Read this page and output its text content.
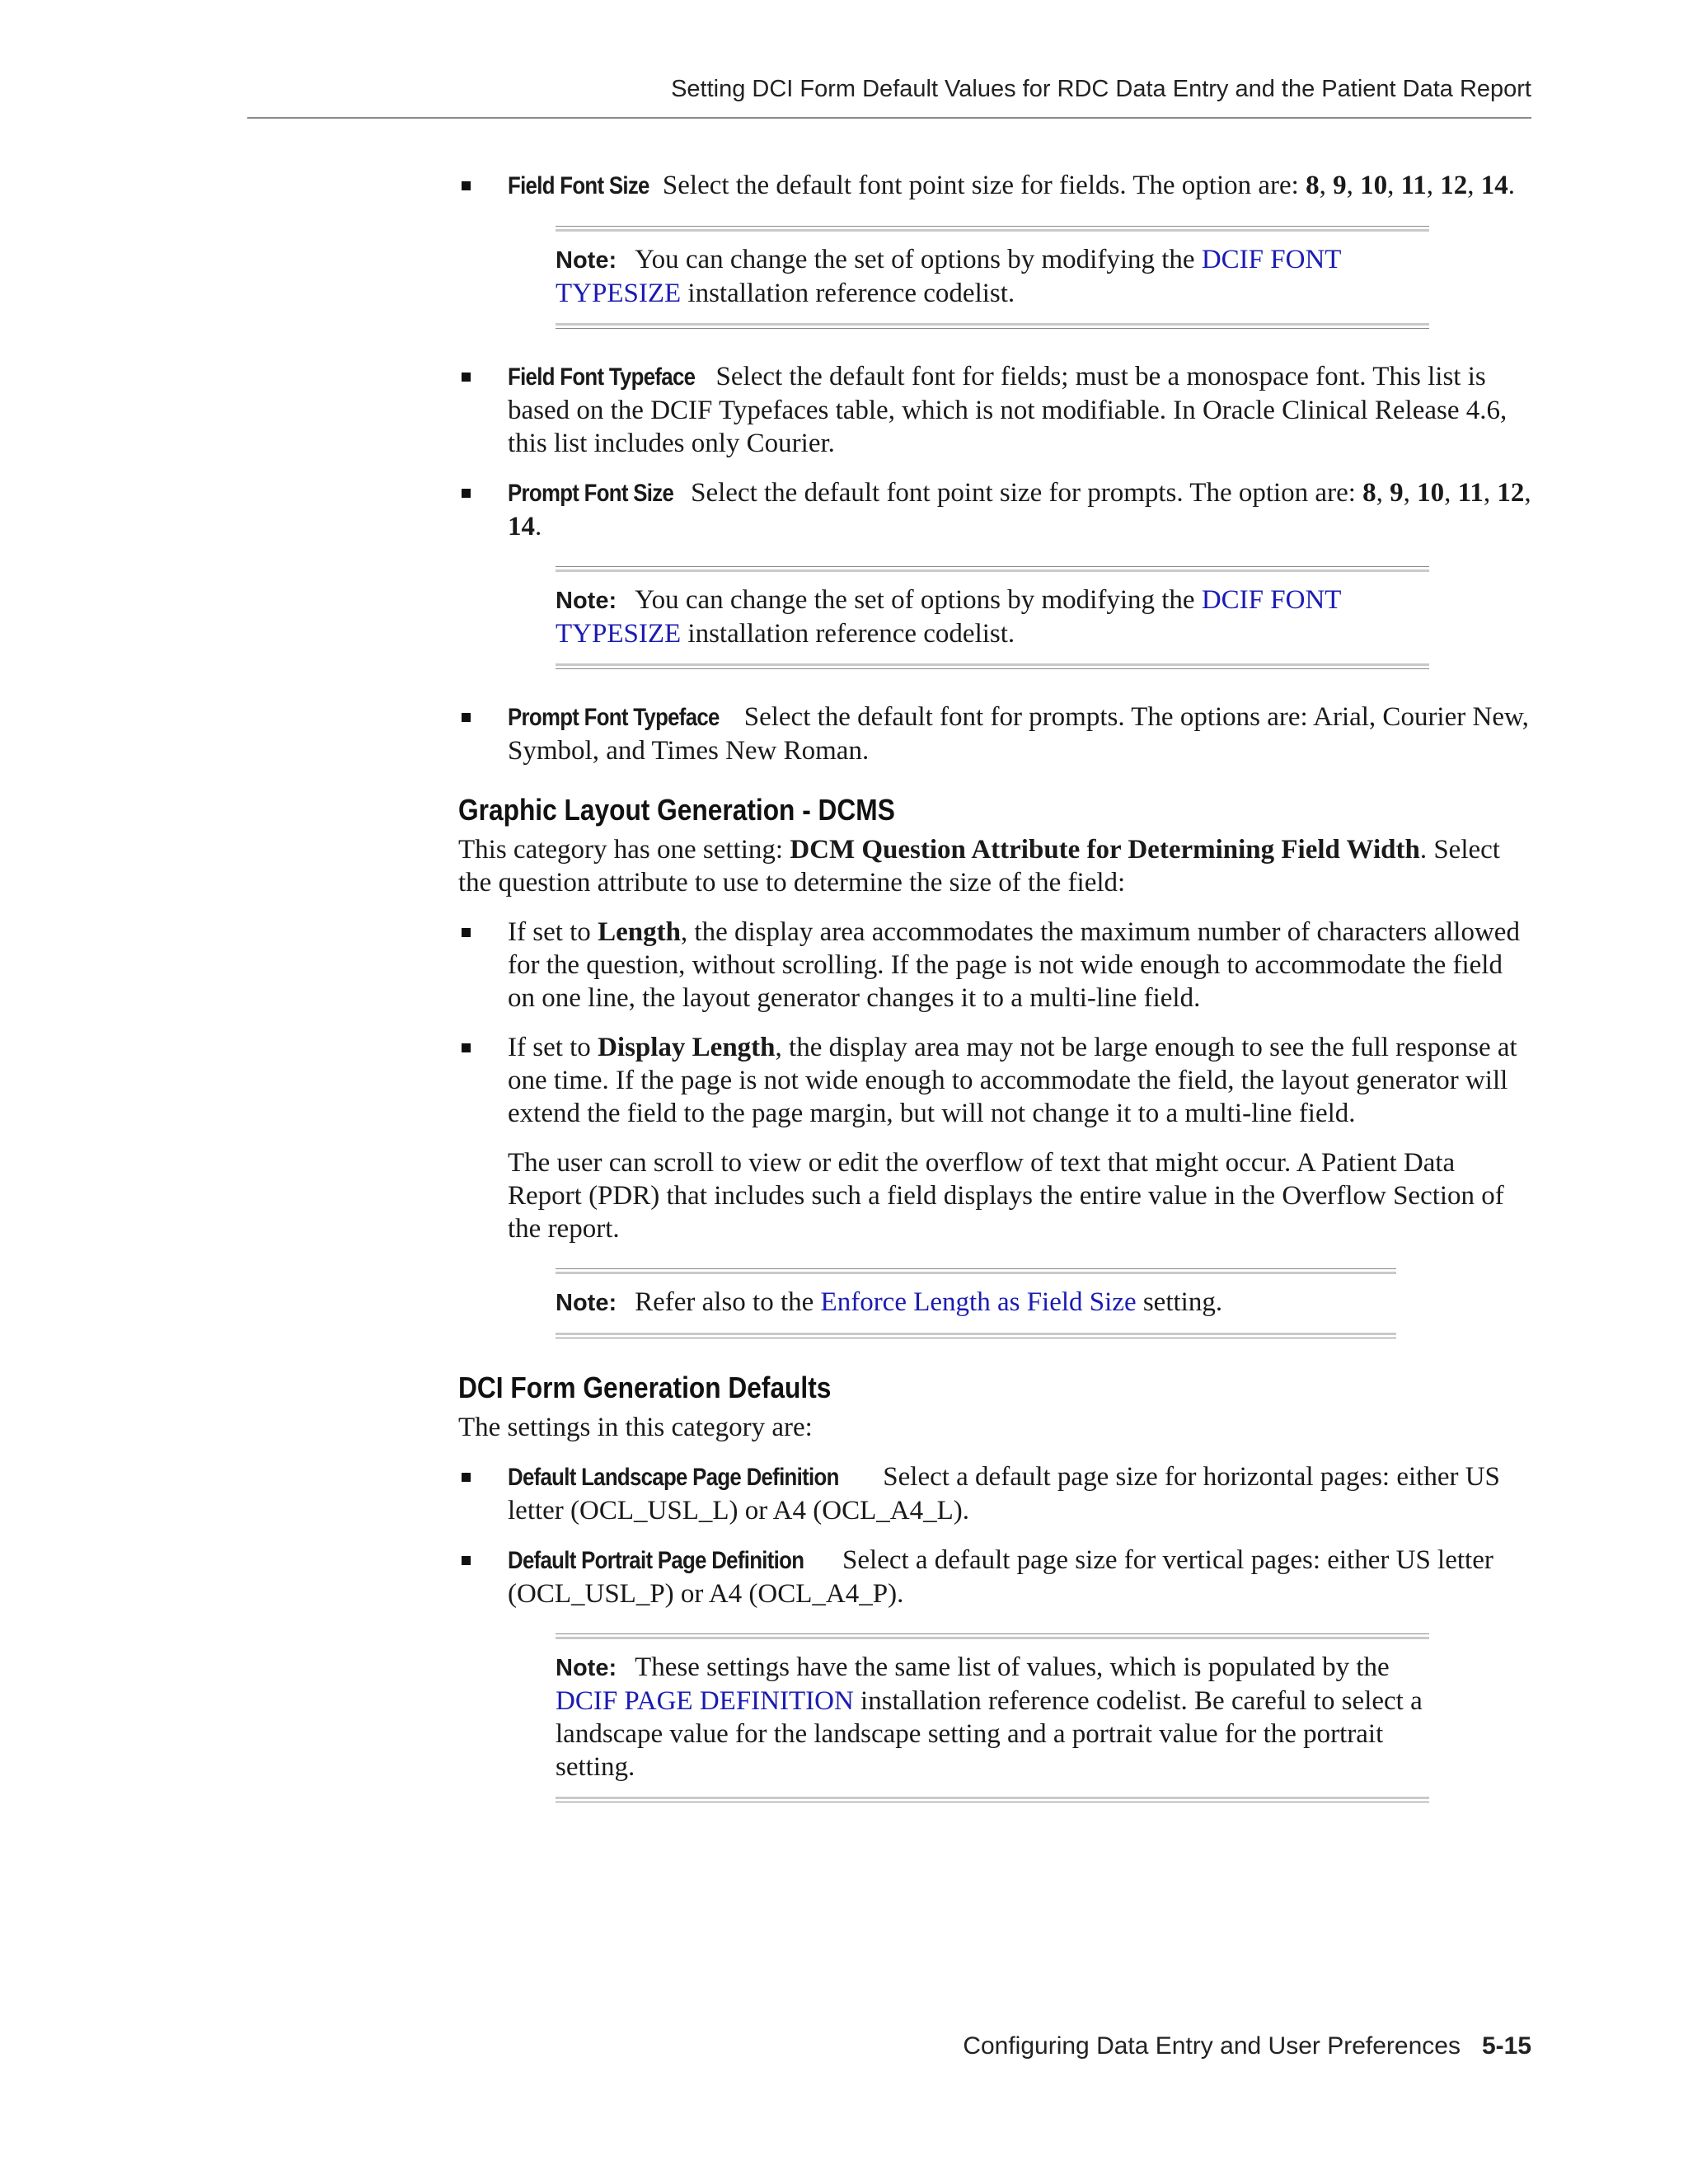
Setting DCI Form Default Values for RDC Data Entry and the Patient Data Report
Field Font Size Select the default font point size for fields. The option are: 8, 9, 10, 11, 12, 14.
Note: You can change the set of options by modifying the DCIF FONT TYPESIZE installation reference codelist.
Field Font Typeface Select the default font for fields; must be a monospace font. This list is based on the DCIF Typefaces table, which is not modifiable. In Oracle Clinical Release 4.6, this list includes only Courier.
Prompt Font Size Select the default font point size for prompts. The option are: 8, 9, 10, 11, 12, 14.
Note: You can change the set of options by modifying the DCIF FONT TYPESIZE installation reference codelist.
Prompt Font Typeface Select the default font for prompts. The options are: Arial, Courier New, Symbol, and Times New Roman.
Graphic Layout Generation - DCMS
This category has one setting: DCM Question Attribute for Determining Field Width. Select the question attribute to use to determine the size of the field:
If set to Length, the display area accommodates the maximum number of characters allowed for the question, without scrolling. If the page is not wide enough to accommodate the field on one line, the layout generator changes it to a multi-line field.
If set to Display Length, the display area may not be large enough to see the full response at one time. If the page is not wide enough to accommodate the field, the layout generator will extend the field to the page margin, but will not change it to a multi-line field.
The user can scroll to view or edit the overflow of text that might occur. A Patient Data Report (PDR) that includes such a field displays the entire value in the Overflow Section of the report.
Note: Refer also to the Enforce Length as Field Size setting.
DCI Form Generation Defaults
The settings in this category are:
Default Landscape Page Definition Select a default page size for horizontal pages: either US letter (OCL_USL_L) or A4 (OCL_A4_L).
Default Portrait Page Definition Select a default page size for vertical pages: either US letter (OCL_USL_P) or A4 (OCL_A4_P).
Note: These settings have the same list of values, which is populated by the DCIF PAGE DEFINITION installation reference codelist. Be careful to select a landscape value for the landscape setting and a portrait value for the portrait setting.
Configuring Data Entry and User Preferences 5-15
